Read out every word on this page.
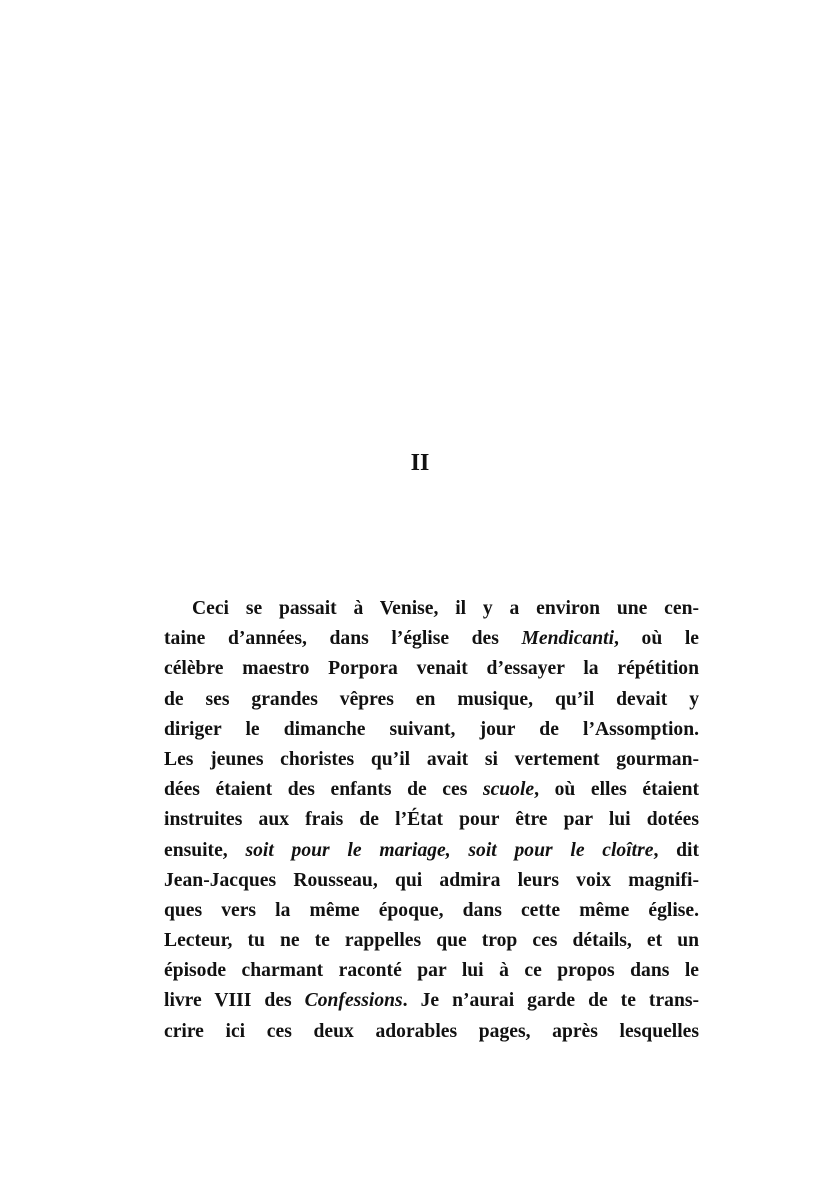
II
Ceci se passait à Venise, il y a environ une cen-
taine d’années, dans l’église des Mendicanti, où le
célèbre maestro Porpora venait d’essayer la répétition
de ses grandes vêpres en musique, qu’il devait y
diriger le dimanche suivant, jour de l’Assomption.
Les jeunes choristes qu’il avait si vertement gourman-
dées étaient des enfants de ces scuole, où elles étaient
instruites aux frais de l’État pour être par lui dotées
ensuite, soit pour le mariage, soit pour le cloître, dit
Jean-Jacques Rousseau, qui admira leurs voix magnifi-
ques vers la même époque, dans cette même église.
Lecteur, tu ne te rappelles que trop ces détails, et un
épisode charmant raconté par lui à ce propos dans le
livre VIII des Confessions. Je n’aurai garde de te trans-
crire ici ces deux adorables pages, après lesquelles
